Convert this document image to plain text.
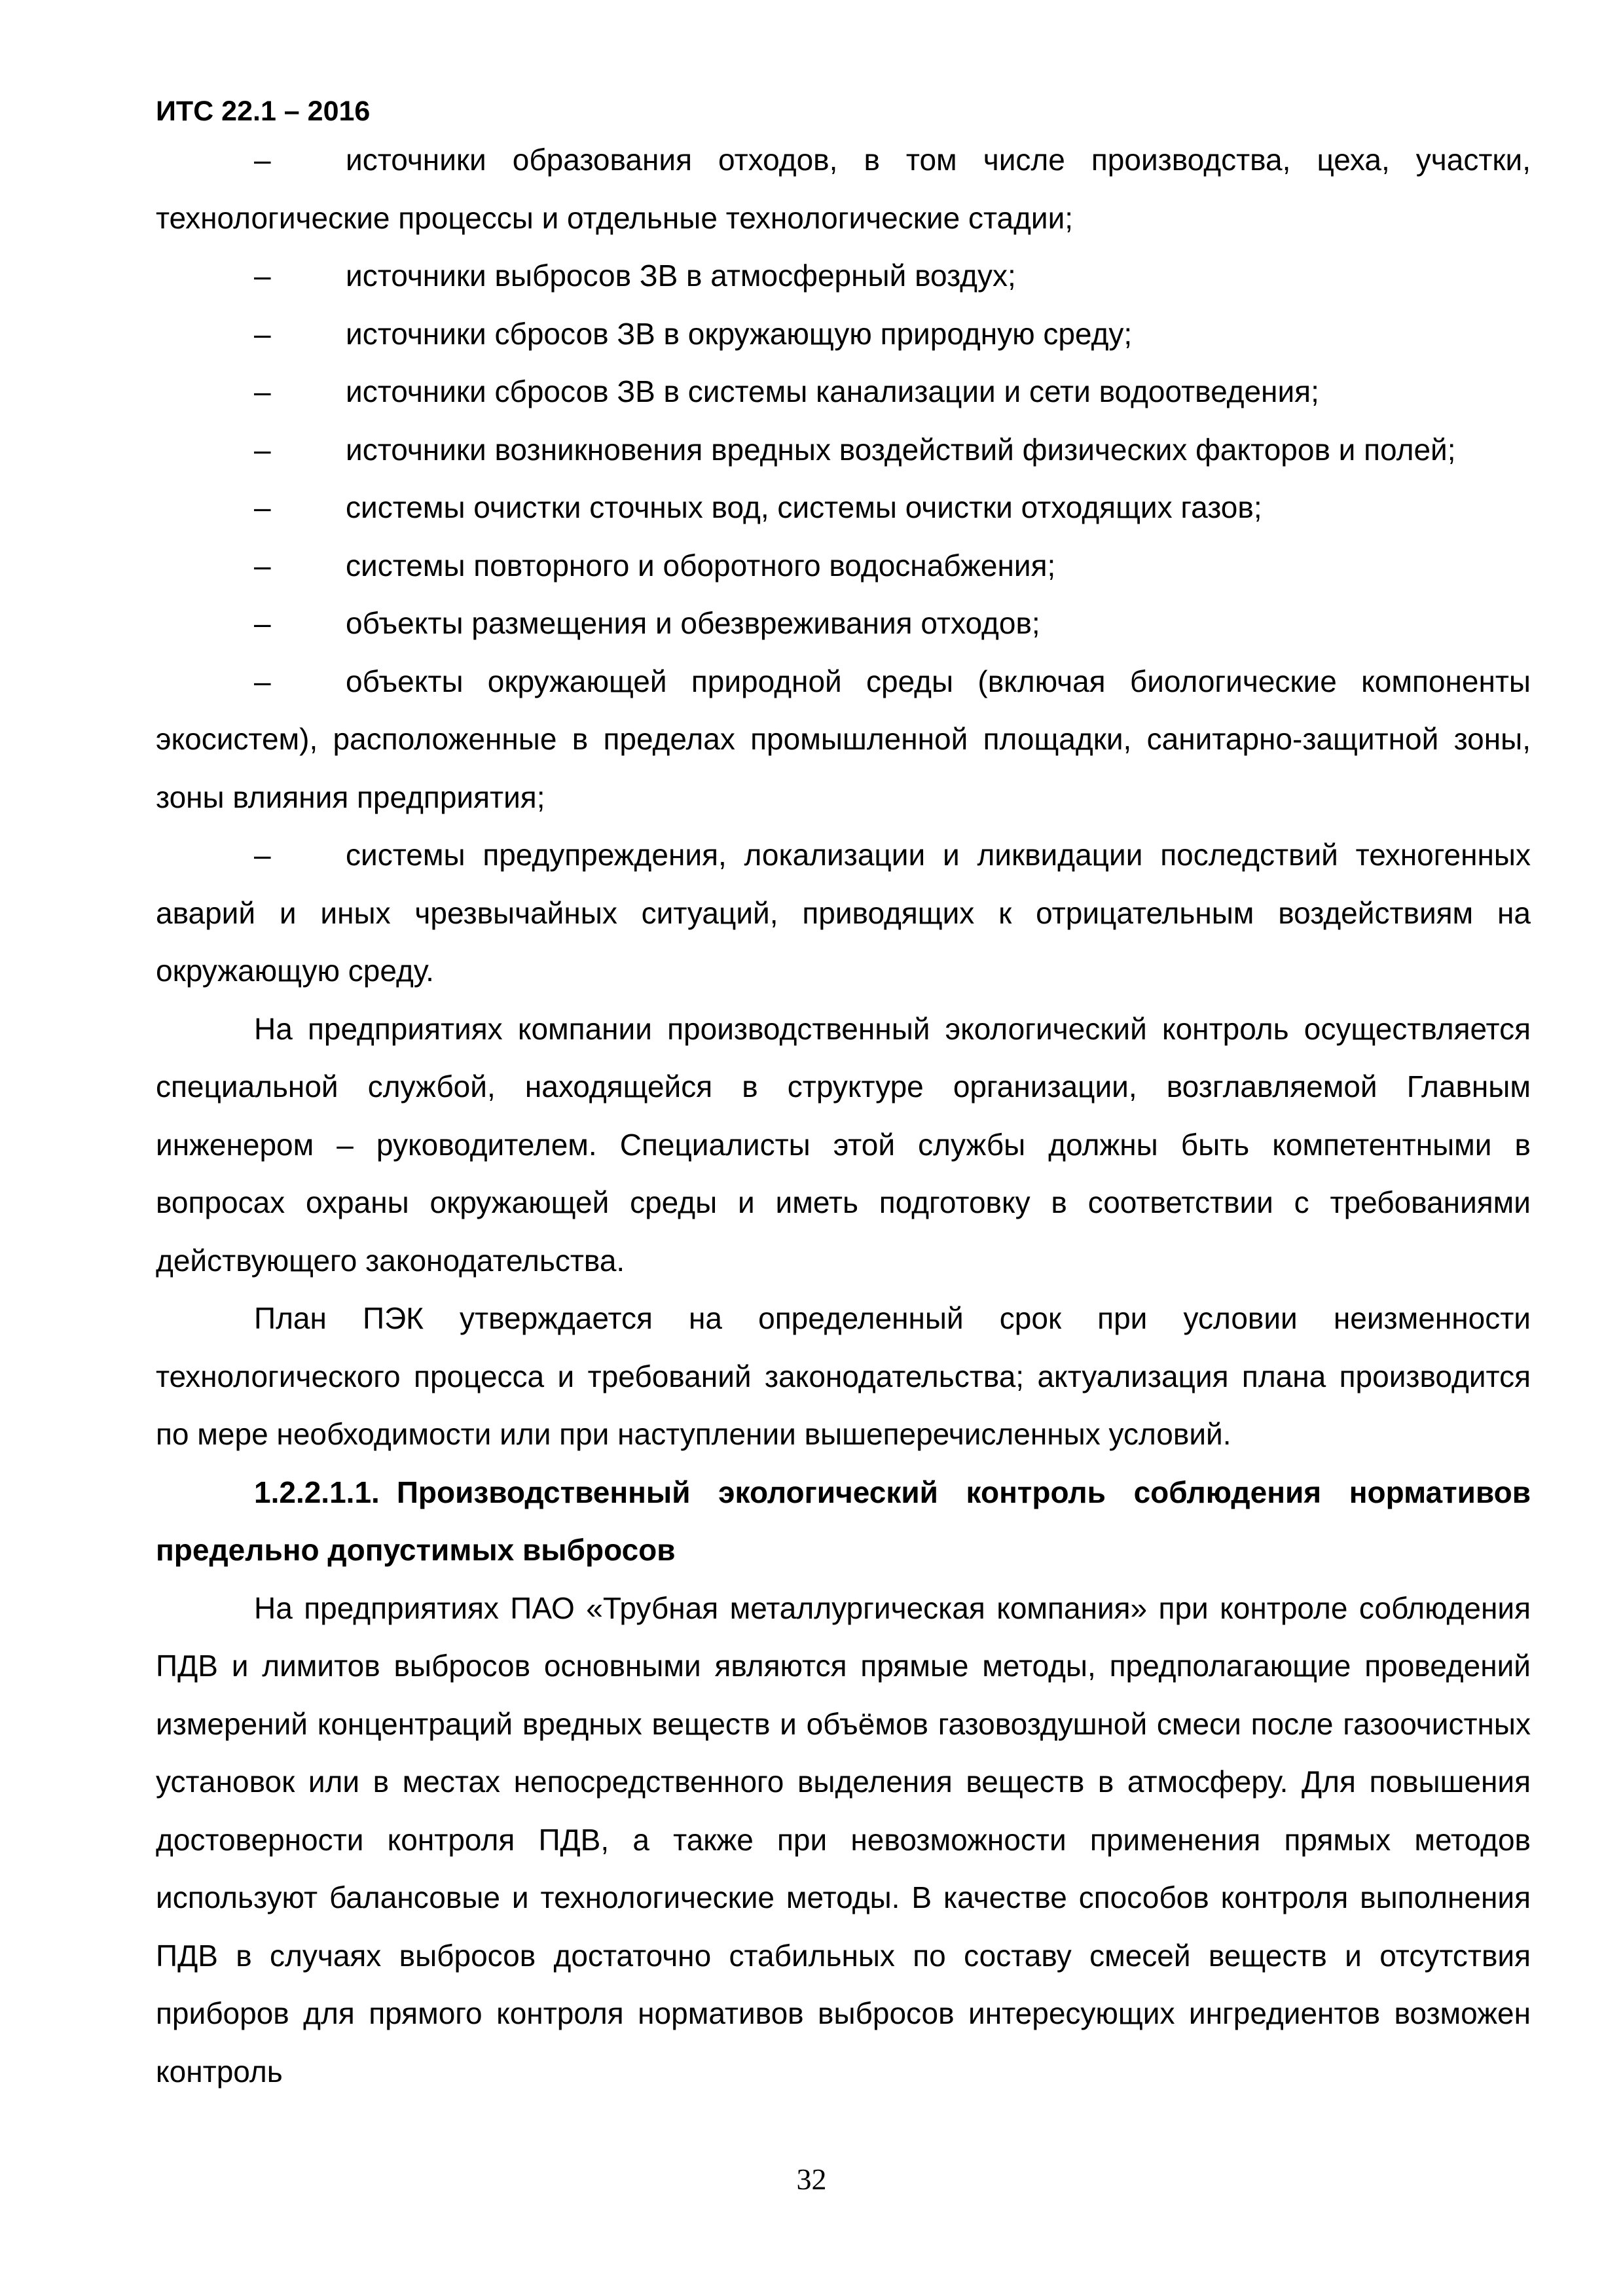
ИТС 22.1 – 2016

– источники образования отходов, в том числе производства, цеха, участки, технологические процессы и отдельные технологические стадии;

– источники выбросов ЗВ в атмосферный воздух;

– источники сбросов ЗВ в окружающую природную среду;

– источники сбросов ЗВ в системы канализации и сети водоотведения;

– источники возникновения вредных воздействий физических факторов и полей;

– системы очистки сточных вод, системы очистки отходящих газов;

– системы повторного и оборотного водоснабжения;

– объекты размещения и обезвреживания отходов;

– объекты окружающей природной среды (включая биологические компоненты экосистем), расположенные в пределах промышленной площадки, санитарно-защитной зоны, зоны влияния предприятия;

– системы предупреждения, локализации и ликвидации последствий техногенных аварий и иных чрезвычайных ситуаций, приводящих к отрицательным воздействиям на окружающую среду.

На предприятиях компании производственный экологический контроль осуществляется специальной службой, находящейся в структуре организации, возглавляемой Главным инженером – руководителем. Специалисты этой службы должны быть компетентными в вопросах охраны окружающей среды и иметь подготовку в соответствии с требованиями действующего законодательства.

План ПЭК утверждается на определенный срок при условии неизменности технологического процесса и требований законодательства; актуализация плана производится по мере необходимости или при наступлении вышеперечисленных условий.

1.2.2.1.1. Производственный экологический контроль соблюдения нормативов предельно допустимых выбросов

На предприятиях ПАО «Трубная металлургическая компания» при контроле соблюдения ПДВ и лимитов выбросов основными являются прямые методы, предполагающие проведений измерений концентраций вредных веществ и объёмов газовоздушной смеси после газоочистных установок или в местах непосредственного выделения веществ в атмосферу. Для повышения достоверности контроля ПДВ, а также при невозможности применения прямых методов используют балансовые и технологические методы. В качестве способов контроля выполнения ПДВ в случаях выбросов достаточно стабильных по составу смесей веществ и отсутствия приборов для прямого контроля нормативов выбросов интересующих ингредиентов возможен контроль

32
